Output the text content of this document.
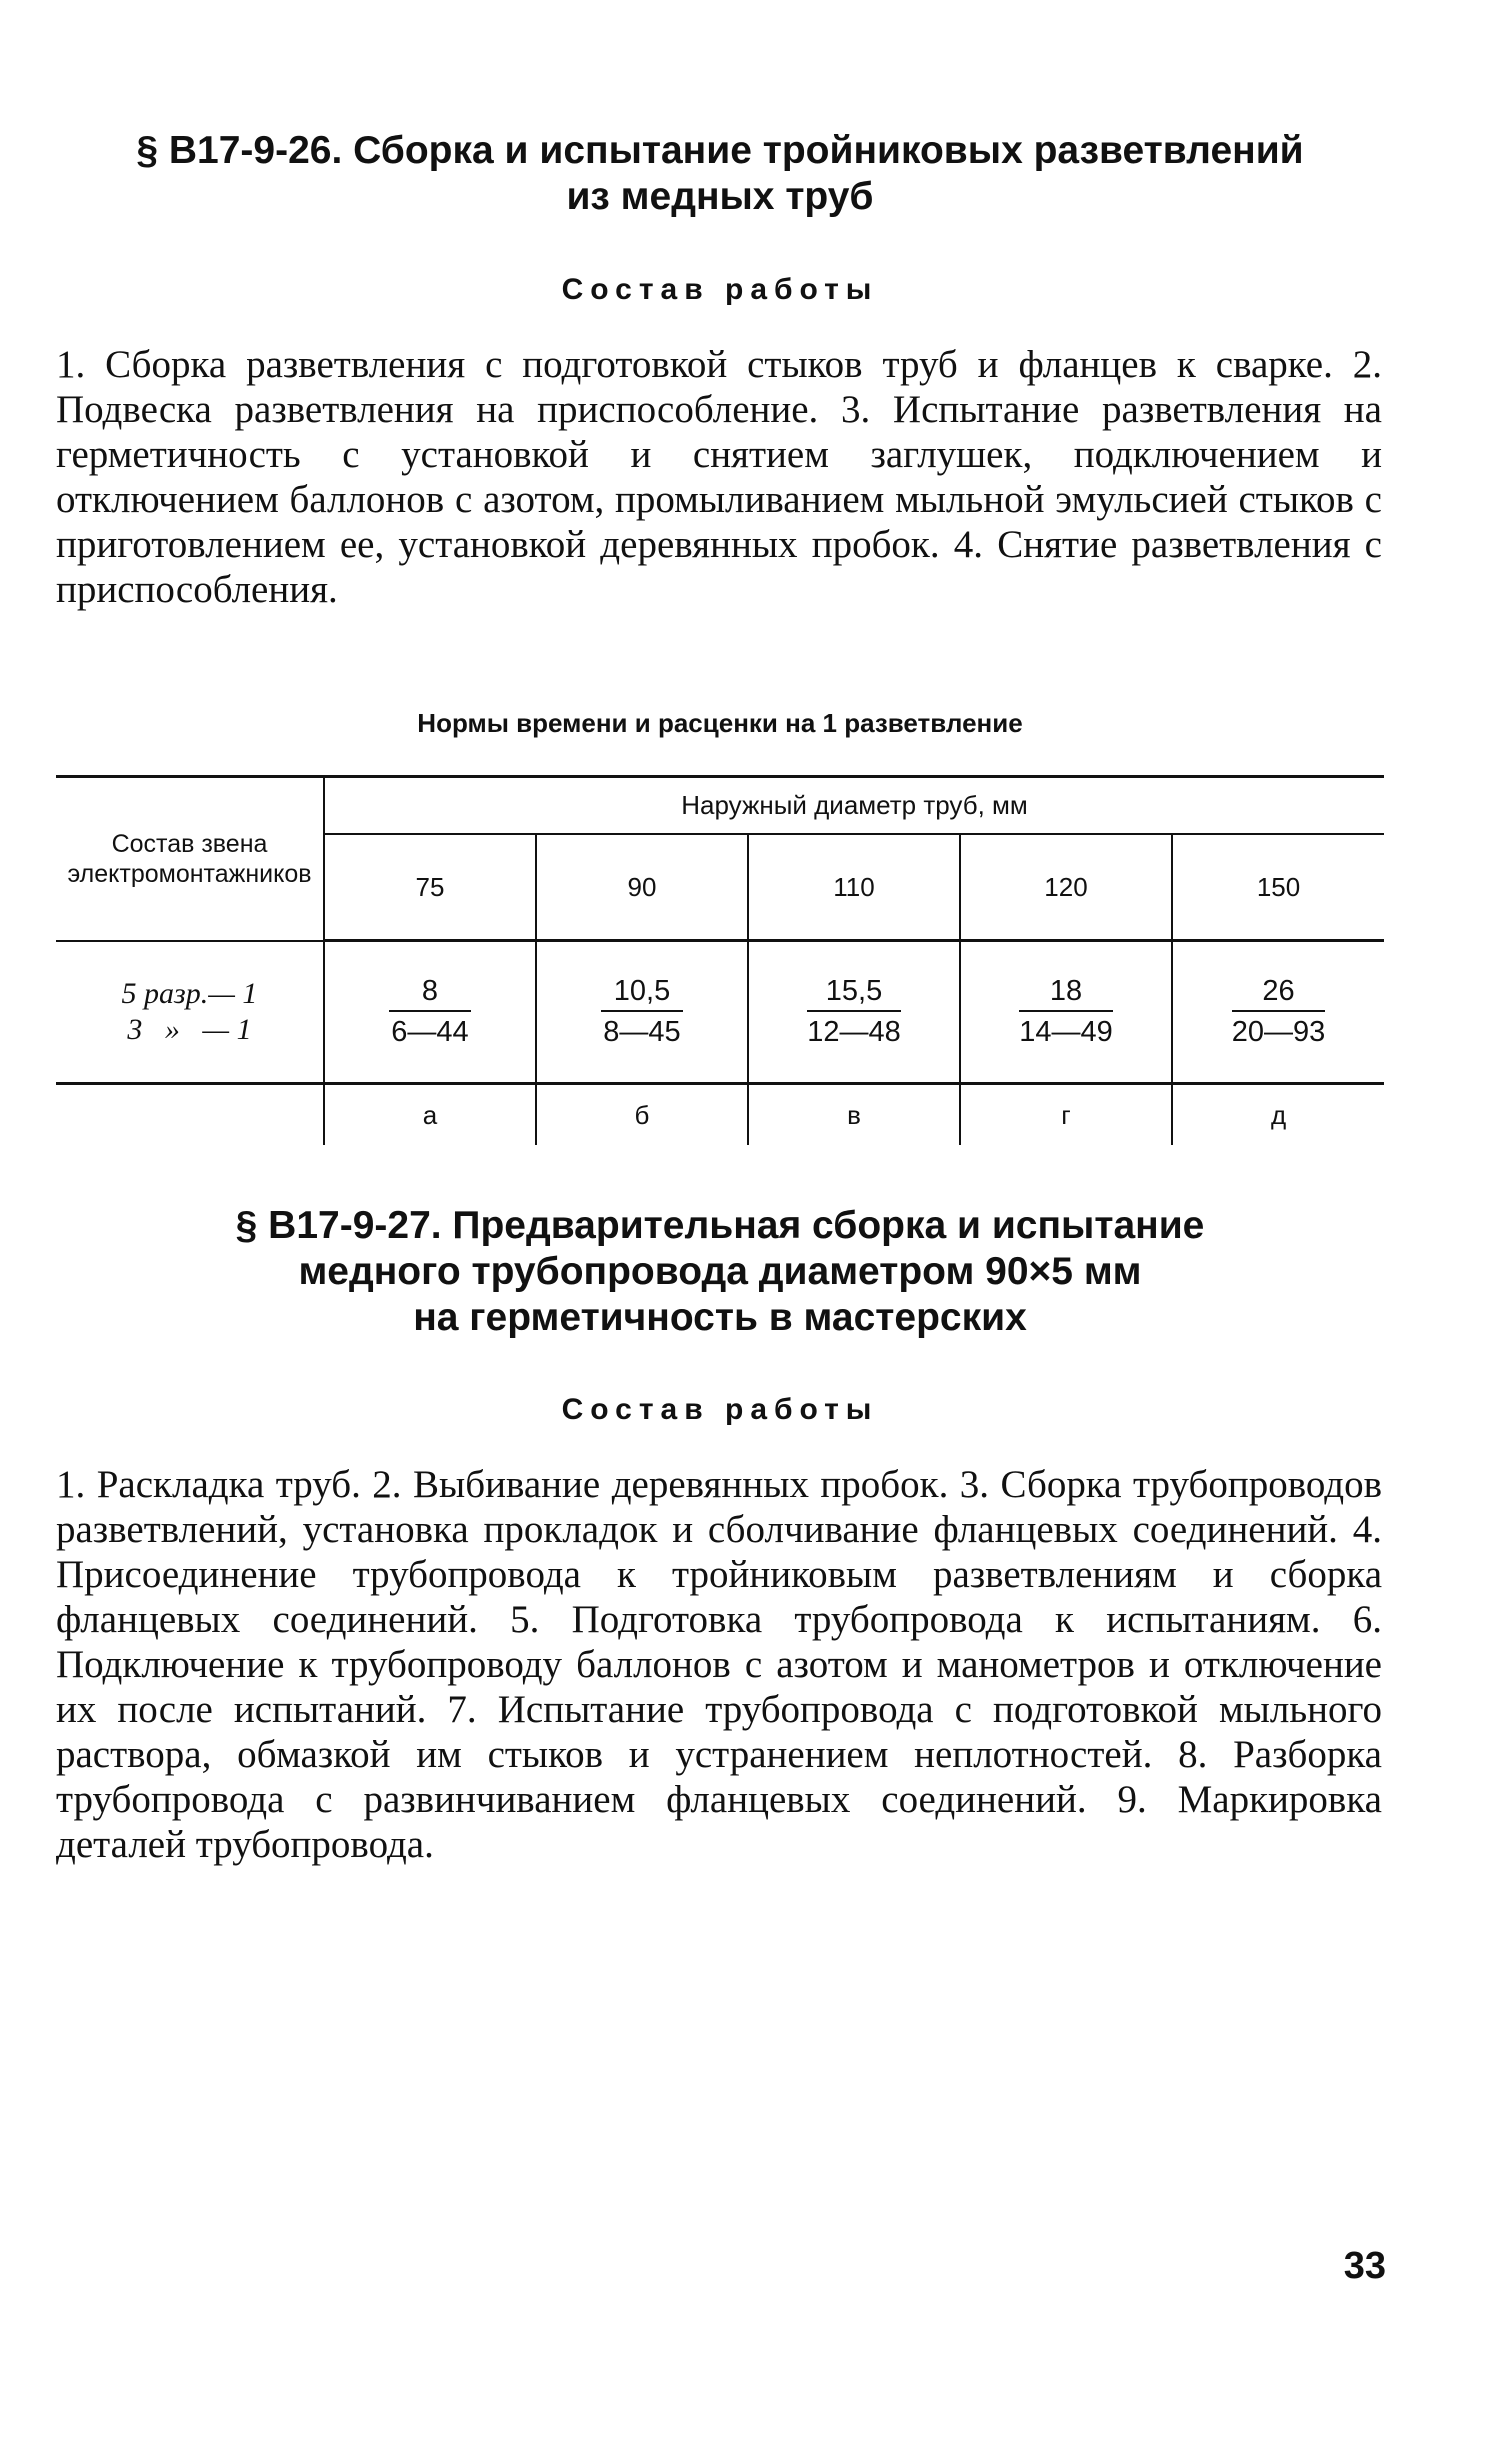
§ B17-9-26. Сборка и испытание тройниковых разветвлений
из медных труб
Состав работы

1. Сборка разветвления с подготовкой стыков труб и фланцев к сварке. 2. Подвеска разветвления на приспособление. 3. Испытание разветвления на герметичность с установкой и снятием заглушек, подключением и отключением баллонов с азотом, промыливанием мыльной эмульсией стыков с приготовлением ее, установкой деревянных пробок. 4. Снятие разветвления с приспособления.

Нормы времени и расценки на 1 разветвление
Состав звена электромонтажников	Наружный диаметр труб, мм				
	75	90	110	120	150
5 разр.— 1
3   »   — 1	$\frac{8}{6—44}$	$\frac{10,5}{8—45}$	$\frac{15,5}{12—48}$	$\frac{18}{14—49}$	$\frac{26}{20—93}$

	а	б	в	г	д
§ B17-9-27. Предварительная сборка и испытание
медного трубопровода диаметром 90×5 мм
на герметичность в мастерских
Состав работы

1. Раскладка труб. 2. Выбивание деревянных пробок. 3. Сборка трубопроводов разветвлений, установка прокладок и сболчивание фланцевых соединений. 4. Присоединение трубопровода к тройниковым разветвлениям и сборка фланцевых соединений. 5. Подготовка трубопровода к испытаниям. 6. Подключение к трубопроводу баллонов с азотом и манометров и отключение их после испытаний. 7. Испытание трубопровода с подготовкой мыльного раствора, обмазкой им стыков и устранением неплотностей. 8. Разборка трубопровода с развинчиванием фланцевых соединений. 9. Маркировка деталей трубопровода.

33
